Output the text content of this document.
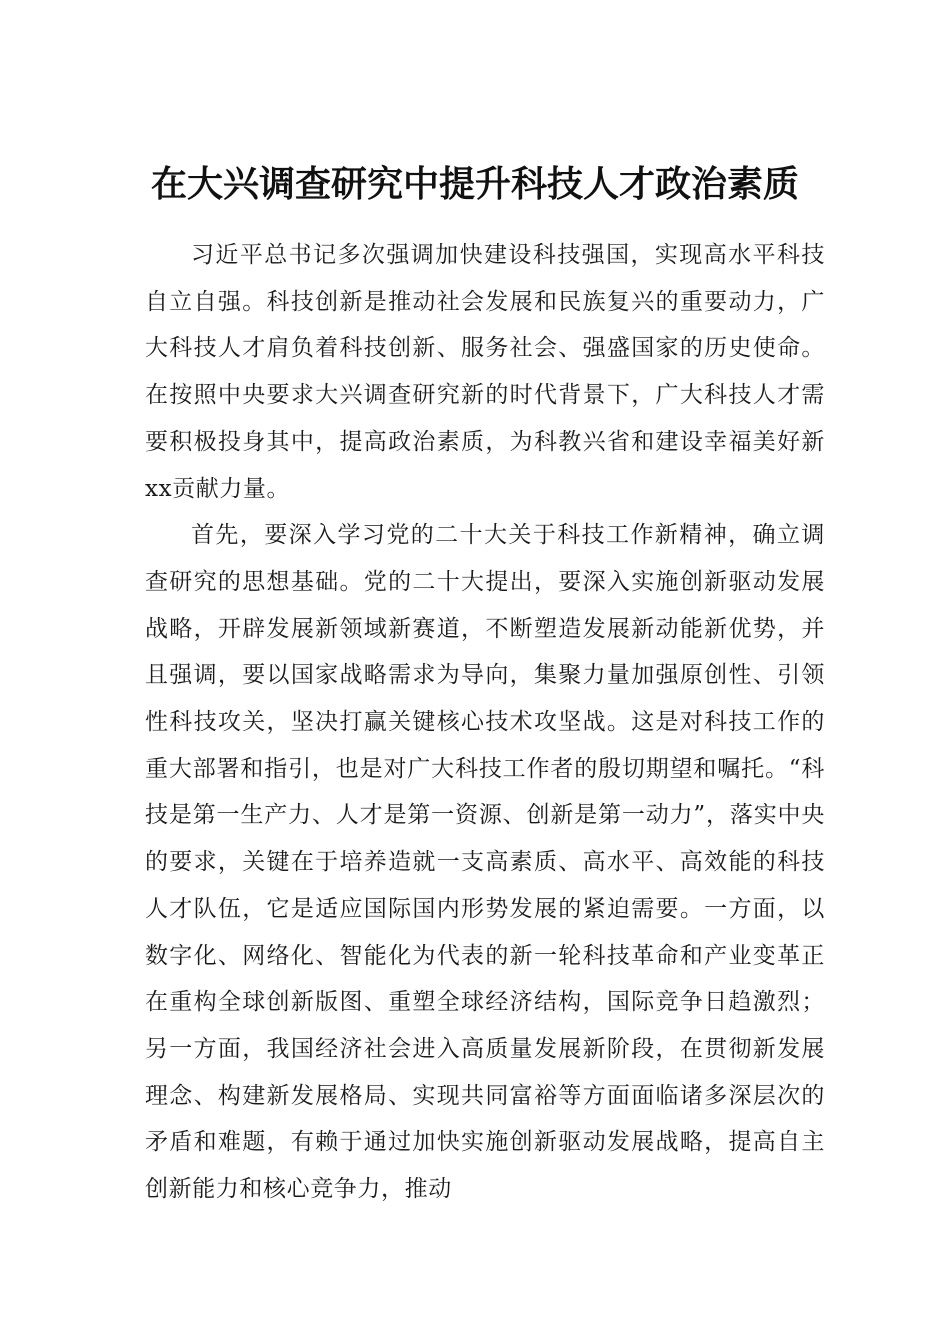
在大兴调查研究中提升科技人才政治素质

习近平总书记多次强调加快建设科技强国，实现高水平科技自立自强。科技创新是推动社会发展和民族复兴的重要动力，广大科技人才肩负着科技创新、服务社会、强盛国家的历史使命。在按照中央要求大兴调查研究新的时代背景下，广大科技人才需要积极投身其中，提高政治素质，为科教兴省和建设幸福美好新xx贡献力量。

首先，要深入学习党的二十大关于科技工作新精神，确立调查研究的思想基础。党的二十大提出，要深入实施创新驱动发展战略，开辟发展新领域新赛道，不断塑造发展新动能新优势，并且强调，要以国家战略需求为导向，集聚力量加强原创性、引领性科技攻关，坚决打赢关键核心技术攻坚战。这是对科技工作的重大部署和指引，也是对广大科技工作者的殷切期望和嘱托。“科技是第一生产力、人才是第一资源、创新是第一动力”，落实中央的要求，关键在于培养造就一支高素质、高水平、高效能的科技人才队伍，它是适应国际国内形势发展的紧迫需要。一方面，以数字化、网络化、智能化为代表的新一轮科技革命和产业变革正在重构全球创新版图、重塑全球经济结构，国际竞争日趋激烈；另一方面，我国经济社会进入高质量发展新阶段，在贯彻新发展理念、构建新发展格局、实现共同富裕等方面面临诸多深层次的矛盾和难题，有赖于通过加快实施创新驱动发展战略，提高自主创新能力和核心竞争力，推动
